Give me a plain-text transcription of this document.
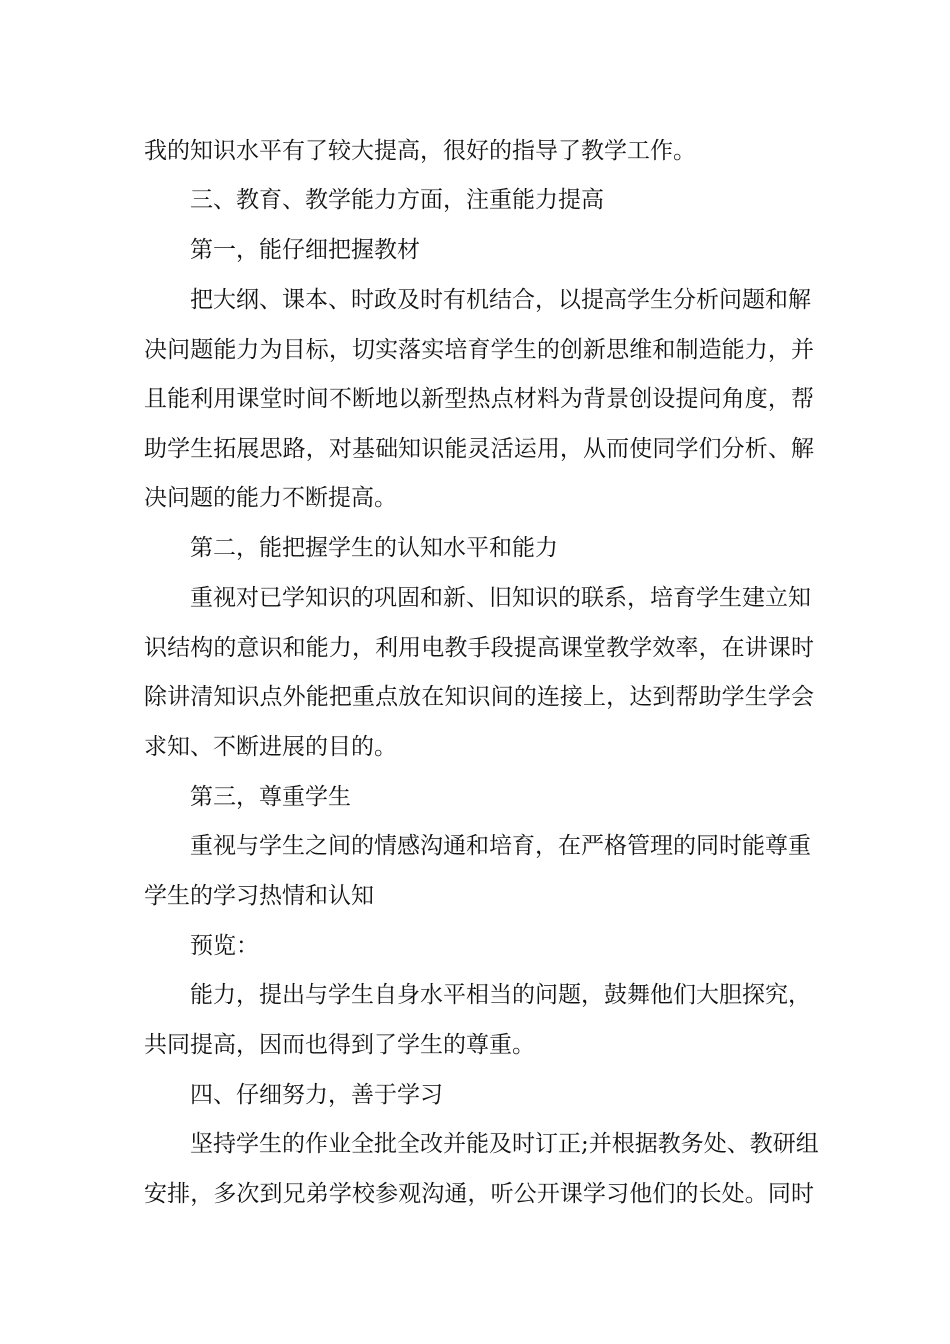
我的知识水平有了较大提高，很好的指导了教学工作。
三、教育、教学能力方面，注重能力提高
第一，能仔细把握教材
把大纲、课本、时政及时有机结合，以提高学生分析问题和解
决问题能力为目标，切实落实培育学生的创新思维和制造能力，并
且能利用课堂时间不断地以新型热点材料为背景创设提问角度，帮
助学生拓展思路，对基础知识能灵活运用，从而使同学们分析、解
决问题的能力不断提高。
第二，能把握学生的认知水平和能力
重视对已学知识的巩固和新、旧知识的联系，培育学生建立知
识结构的意识和能力，利用电教手段提高课堂教学效率，在讲课时
除讲清知识点外能把重点放在知识间的连接上，达到帮助学生学会
求知、不断进展的目的。
第三，尊重学生
重视与学生之间的情感沟通和培育，在严格管理的同时能尊重
学生的学习热情和认知
预览：
能力，提出与学生自身水平相当的问题，鼓舞他们大胆探究，
共同提高，因而也得到了学生的尊重。
四、仔细努力，善于学习
坚持学生的作业全批全改并能及时订正;并根据教务处、教研组
安排，多次到兄弟学校参观沟通，听公开课学习他们的长处。同时
